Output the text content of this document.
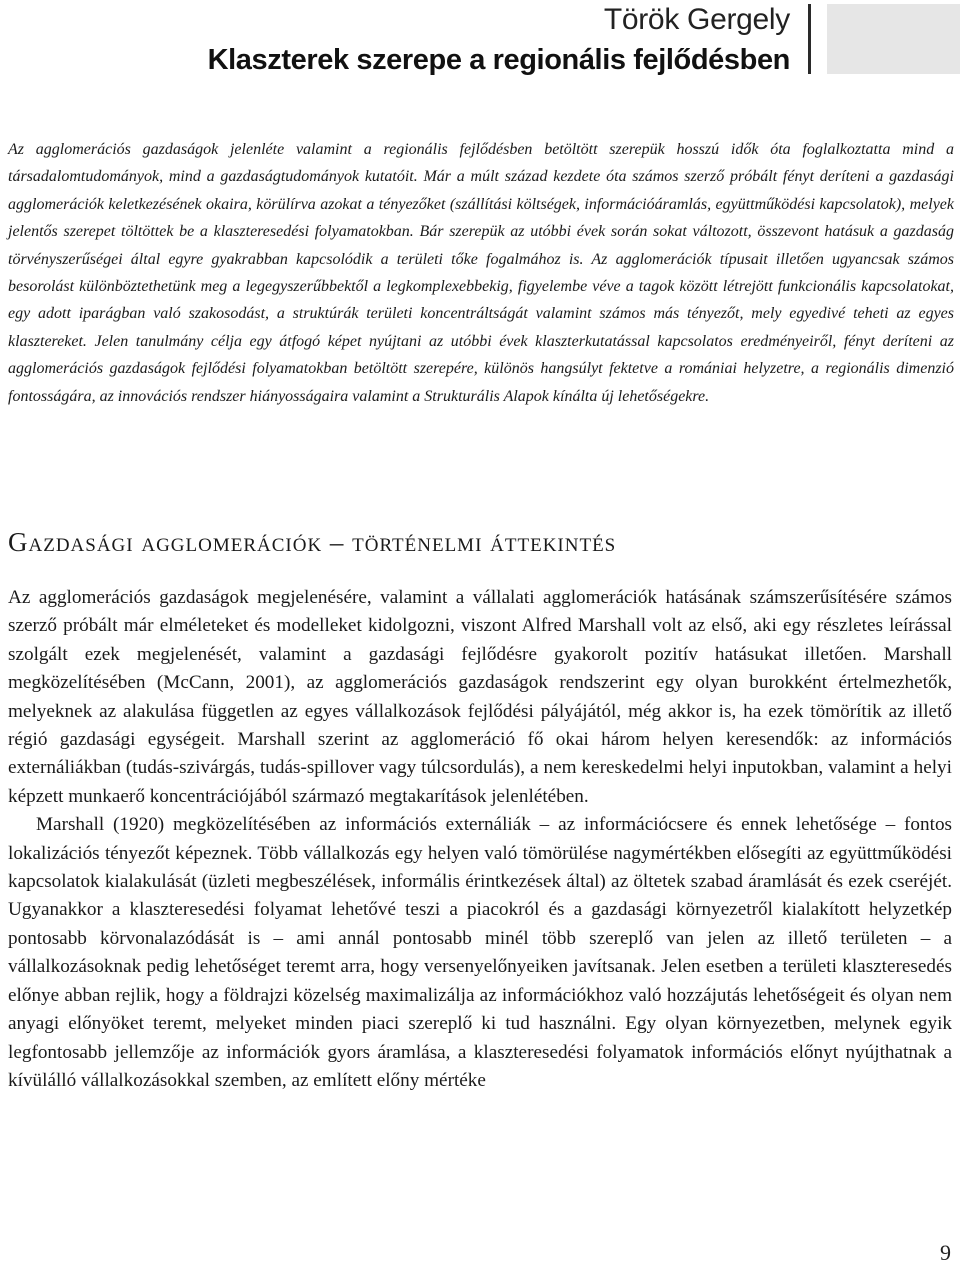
Török Gergely
Klaszterek szerepe a regionális fejlődésben

Az agglomerációs gazdaságok jelenléte valamint a regionális fejlődésben betöltött szerepük hosszú idők óta foglalkoztatta mind a társadalomtudományok, mind a gazdaságtudományok kutatóit. Már a múlt század kezdete óta számos szerző próbált fényt deríteni a gazdasági agglomerációk keletkezésének okaira, körülírva azokat a tényezőket (szállítási költségek, információáramlás, együttműködési kapcsolatok), melyek jelentős szerepet töltöttek be a klaszteresedési folyamatokban. Bár szerepük az utóbbi évek során sokat változott, összevont hatásuk a gazdaság törvényszerűségei által egyre gyakrabban kapcsolódik a területi tőke fogalmához is. Az agglomerációk típusait illetően ugyancsak számos besorolást különböztethetünk meg a legegyszerűbbektől a legkomplexebbekig, figyelembe véve a tagok között létrejött funkcionális kapcsolatokat, egy adott iparágban való szakosodást, a struktúrák területi koncentráltságát valamint számos más tényezőt, mely egyedivé teheti az egyes klasztereket. Jelen tanulmány célja egy átfogó képet nyújtani az utóbbi évek klaszterkutatással kapcsolatos eredményeiről, fényt deríteni az agglomerációs gazdaságok fejlődési folyamatokban betöltött szerepére, különös hangsúlyt fektetve a romániai helyzetre, a regionális dimenzió fontosságára, az innovációs rendszer hiányosságaira valamint a Strukturális Alapok kínálta új lehetőségekre.

Gazdasági agglomerációk – történelmi áttekintés

Az agglomerációs gazdaságok megjelenésére, valamint a vállalati agglomerációk hatásának számszerűsítésére számos szerző próbált már elméleteket és modelleket kidolgozni, viszont Alfred Marshall volt az első, aki egy részletes leírással szolgált ezek megjelenését, valamint a gazdasági fejlődésre gyakorolt pozitív hatásukat illetően. Marshall megközelítésében (McCann, 2001), az agglomerációs gazdaságok rendszerint egy olyan burokként értelmezhetők, melyeknek az alakulása független az egyes vállalkozások fejlődési pályájától, még akkor is, ha ezek tömörítik az illető régió gazdasági egységeit. Marshall szerint az agglomeráció fő okai három helyen keresendők: az információs externáliákban (tudás-szivárgás, tudás-spillover vagy túlcsordulás), a nem kereskedelmi helyi inputokban, valamint a helyi képzett munkaerő koncentrációjából származó megtakarítások jelenlétében.

Marshall (1920) megközelítésében az információs externáliák – az információcsere és ennek lehetősége – fontos lokalizációs tényezőt képeznek. Több vállalkozás egy helyen való tömörülése nagymértékben elősegíti az együttműködési kapcsolatok kialakulását (üzleti megbeszélések, informális érintkezések által) az öltetek szabad áramlását és ezek cseréjét. Ugyanakkor a klaszteresedési folyamat lehetővé teszi a piacokról és a gazdasági környezetről kialakított helyzetkép pontosabb körvonalazódását is – ami annál pontosabb minél több szereplő van jelen az illető területen – a vállalkozásoknak pedig lehetőséget teremt arra, hogy versenyelőnyeiken javítsanak. Jelen esetben a területi klaszteresedés előnye abban rejlik, hogy a földrajzi közelség maximalizálja az információkhoz való hozzájutás lehetőségeit és olyan nem anyagi előnyöket teremt, melyeket minden piaci szereplő ki tud használni. Egy olyan környezetben, melynek egyik legfontosabb jellemzője az információk gyors áramlása, a klaszteresedési folyamatok információs előnyt nyújthatnak a kívülálló vállalkozásokkal szemben, az említett előny mértéke

9
